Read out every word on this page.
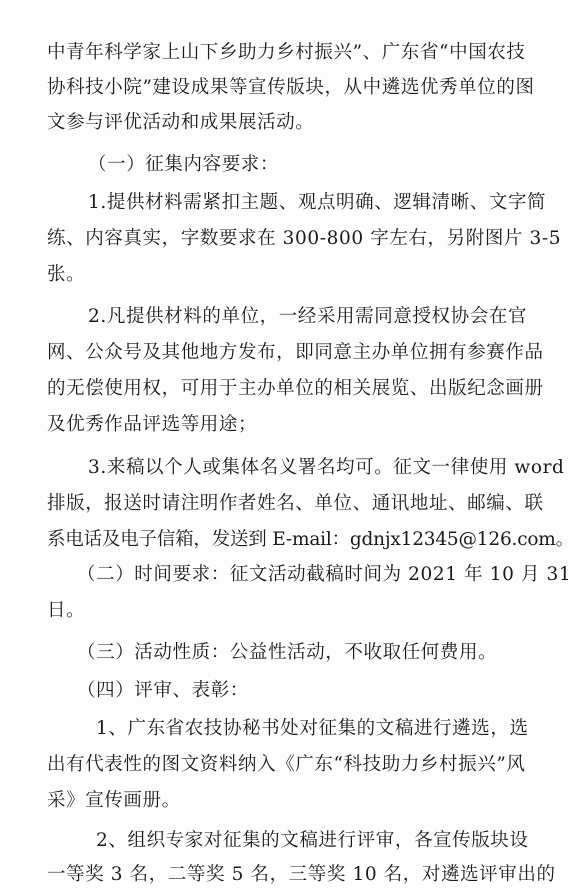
中青年科学家上山下乡助力乡村振兴”、广东省“中国农技
协科技小院”建设成果等宣传版块，从中遴选优秀单位的图
文参与评优活动和成果展活动。
（一）征集内容要求：
1.提供材料需紧扣主题、观点明确、逻辑清晰、文字简
练、内容真实，字数要求在 300-800 字左右，另附图片 3-5
张。
2.凡提供材料的单位，一经采用需同意授权协会在官
网、公众号及其他地方发布，即同意主办单位拥有参赛作品
的无偿使用权，可用于主办单位的相关展览、出版纪念画册
及优秀作品评选等用途；
3.来稿以个人或集体名义署名均可。征文一律使用 word
排版，报送时请注明作者姓名、单位、通讯地址、邮编、联
系电话及电子信箱，发送到 E-mail：gdnjx12345@126.com。
（二）时间要求：征文活动截稿时间为 2021 年 10 月 31
日。
（三）活动性质：公益性活动，不收取任何费用。
（四）评审、表彰：
1、广东省农技协秘书处对征集的文稿进行遴选，选
出有代表性的图文资料纳入《广东“科技助力乡村振兴”风
采》宣传画册。
2、组织专家对征集的文稿进行评审，各宣传版块设
一等奖 3 名，二等奖 5 名，三等奖 10 名，对遴选评审出的
